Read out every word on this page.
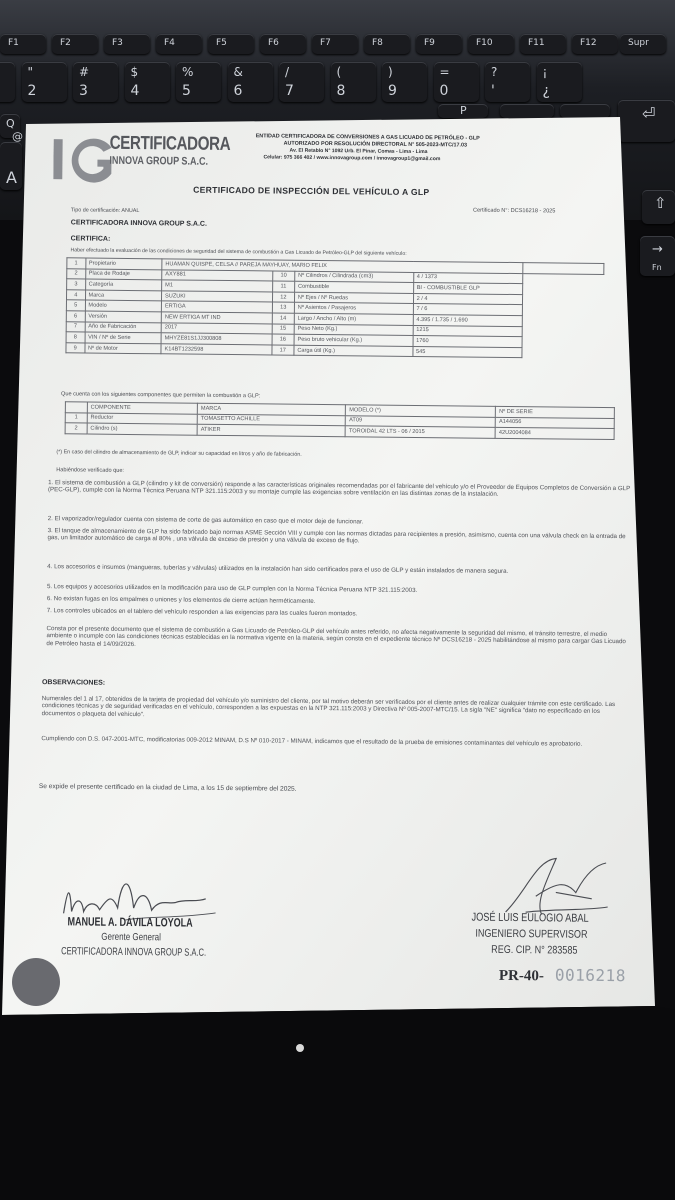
F1	F2	F3	F4	F5	F6	F7	F8	F9	F10	F11	F12	Supr
"
2
#
3
$
4
%
5
&
6
/
7
(
8
)
9
=
0
?
'
¡
¿
A
Q
@
P	⏎
⇧
→
Fn
CERTIFICADORA
INNOVA GROUP S.A.C.
ENTIDAD CERTIFICADORA DE CONVERSIONES A GAS LICUADO DE PETRÓLEO - GLP
AUTORIZADO POR RESOLUCIÓN DIRECTORAL N° 505-2023-MTC/17.03
Av. El Retablo N° 1092 Urb. El Pinar, Comas - Lima - Lima
Celular: 975 366 402 / www.innovagroup.com / innovagroup1@gmail.com
CERTIFICADO DE INSPECCIÓN DEL VEHÍCULO A GLP
Tipo de certificación: ANUAL	Certificado N°: DCS16218 - 2025
CERTIFICADORA INNOVA GROUP S.A.C.
CERTIFICA:
Haber efectuado la evaluación de las condiciones de seguridad del sistema de combustión a Gas Licuado de Petróleo-GLP del siguiente vehículo:
1	Propietario	HUAMAN QUISPE, CELSA // PAREJA MAYHUAY, MARIO FELIX				
2	Placa de Rodaje	AXY881	10	Nº Cilindros / Cilindrada (cm3)	4 / 1373	
3	Categoría	M1	11	Combustible	BI - COMBUSTIBLE GLP	
4	Marca	SUZUKI	12	Nº Ejes / Nº Ruedas	2 / 4	
5	Modelo	ERTIGA	13	Nº Asientos / Pasajeros	7 / 6	
6	Versión	NEW ERTIGA MT IND	14	Largo / Ancho / Alto (m)	4.395 / 1.735 / 1.690	
7	Año de Fabricación	2017	15	Peso Neto (Kg.)	1215	
8	VIN / Nº de Serie	MHYZE81S1JJ300808	16	Peso bruto vehicular (Kg.)	1760	
9	Nº de Motor	K14BT1232598	17	Carga útil (Kg.)	545	
Que cuenta con los siguientes componentes que permiten la combustión a GLP:
	COMPONENTE	MARCA	MODELO (*)	Nº DE SERIE
1	Reductor	TOMASETTO ACHILLE	AT09	A144056
2	Cilindro (s)	ATIKER	TOROIDAL 42 LTS - 06 / 2015	42U2004084
(*) En caso del cilindro de almacenamiento de GLP, indicar su capacidad en litros y año de fabricación.
Habiéndose verificado que:
1. El sistema de combustión a GLP (cilindro y kit de conversión) responde a las características originales recomendadas por el fabricante del vehículo y/o el Proveedor de Equipos Completos de Conversión a GLP (PEC-GLP), cumple con la Norma Técnica Peruana NTP 321.115:2003 y su montaje cumple las exigencias sobre ventilación en las distintas zonas de la instalación.
2. El vaporizador/regulador cuenta con sistema de corte de gas automático en caso que el motor deje de funcionar.
3. El tanque de almacenamiento de GLP ha sido fabricado bajo normas ASME Sección VIII y cumple con las normas dictadas para recipientes a presión, asimismo, cuenta con una válvula check en la entrada de gas, un limitador automático de carga al 80% , una válvula de exceso de presión y una válvula de exceso de flujo.
4. Los accesorios e insumos (mangueras, tuberías y válvulas) utilizados en la instalación han sido certificados para el uso de GLP y están instalados de manera segura.
5. Los equipos y accesorios utilizados en la modificación para uso de GLP cumplen con la Norma Técnica Peruana NTP 321.115:2003.
6. No existan fugas en los empalmes o uniones y los elementos de cierre actúan herméticamente.
7. Los controles ubicados en el tablero del vehículo responden a las exigencias para las cuales fueron montados.
Consta por el presente documento que el sistema de combustión a Gas Licuado de Petróleo-GLP del vehículo antes referido, no afecta negativamente la seguridad del mismo, el tránsito terrestre, el medio ambiente o incumple con las condiciones técnicas establecidas en la normativa vigente en la materia, según consta en el expediente técnico Nº DCS16218 - 2025 habilitándose al mismo para cargar Gas Licuado de Petróleo hasta el 14/09/2026.
OBSERVACIONES:
Numerales del 1 al 17, obtenidos de la tarjeta de propiedad del vehículo y/o suministro del cliente, por tal motivo deberán ser verificados por el cliente antes de realizar cualquier trámite con este certificado. Las condiciones técnicas y de seguridad verificadas en el vehículo, corresponden a las expuestas en la NTP 321.115:2003 y Directiva Nº 005-2007-MTC/15. La sigla "NE" significa "dato no especificado en los documentos o plaqueta del vehículo".
Cumpliendo con D.S. 047-2001-MTC, modificatorias 009-2012 MINAM, D.S Nº 010-2017 - MINAM, indicamos que el resultado de la prueba de emisiones contaminantes del vehículo es aprobatorio.
Se expide el presente certificado en la ciudad de Lima, a los 15 de septiembre del 2025.
MANUEL A. DÁVILA LOYOLA
Gerente General
CERTIFICADORA INNOVA GROUP S.A.C.
JOSÉ LUIS EULOGIO ABAL
INGENIERO SUPERVISOR
REG. CIP. N° 283585
PR-40- 0016218
